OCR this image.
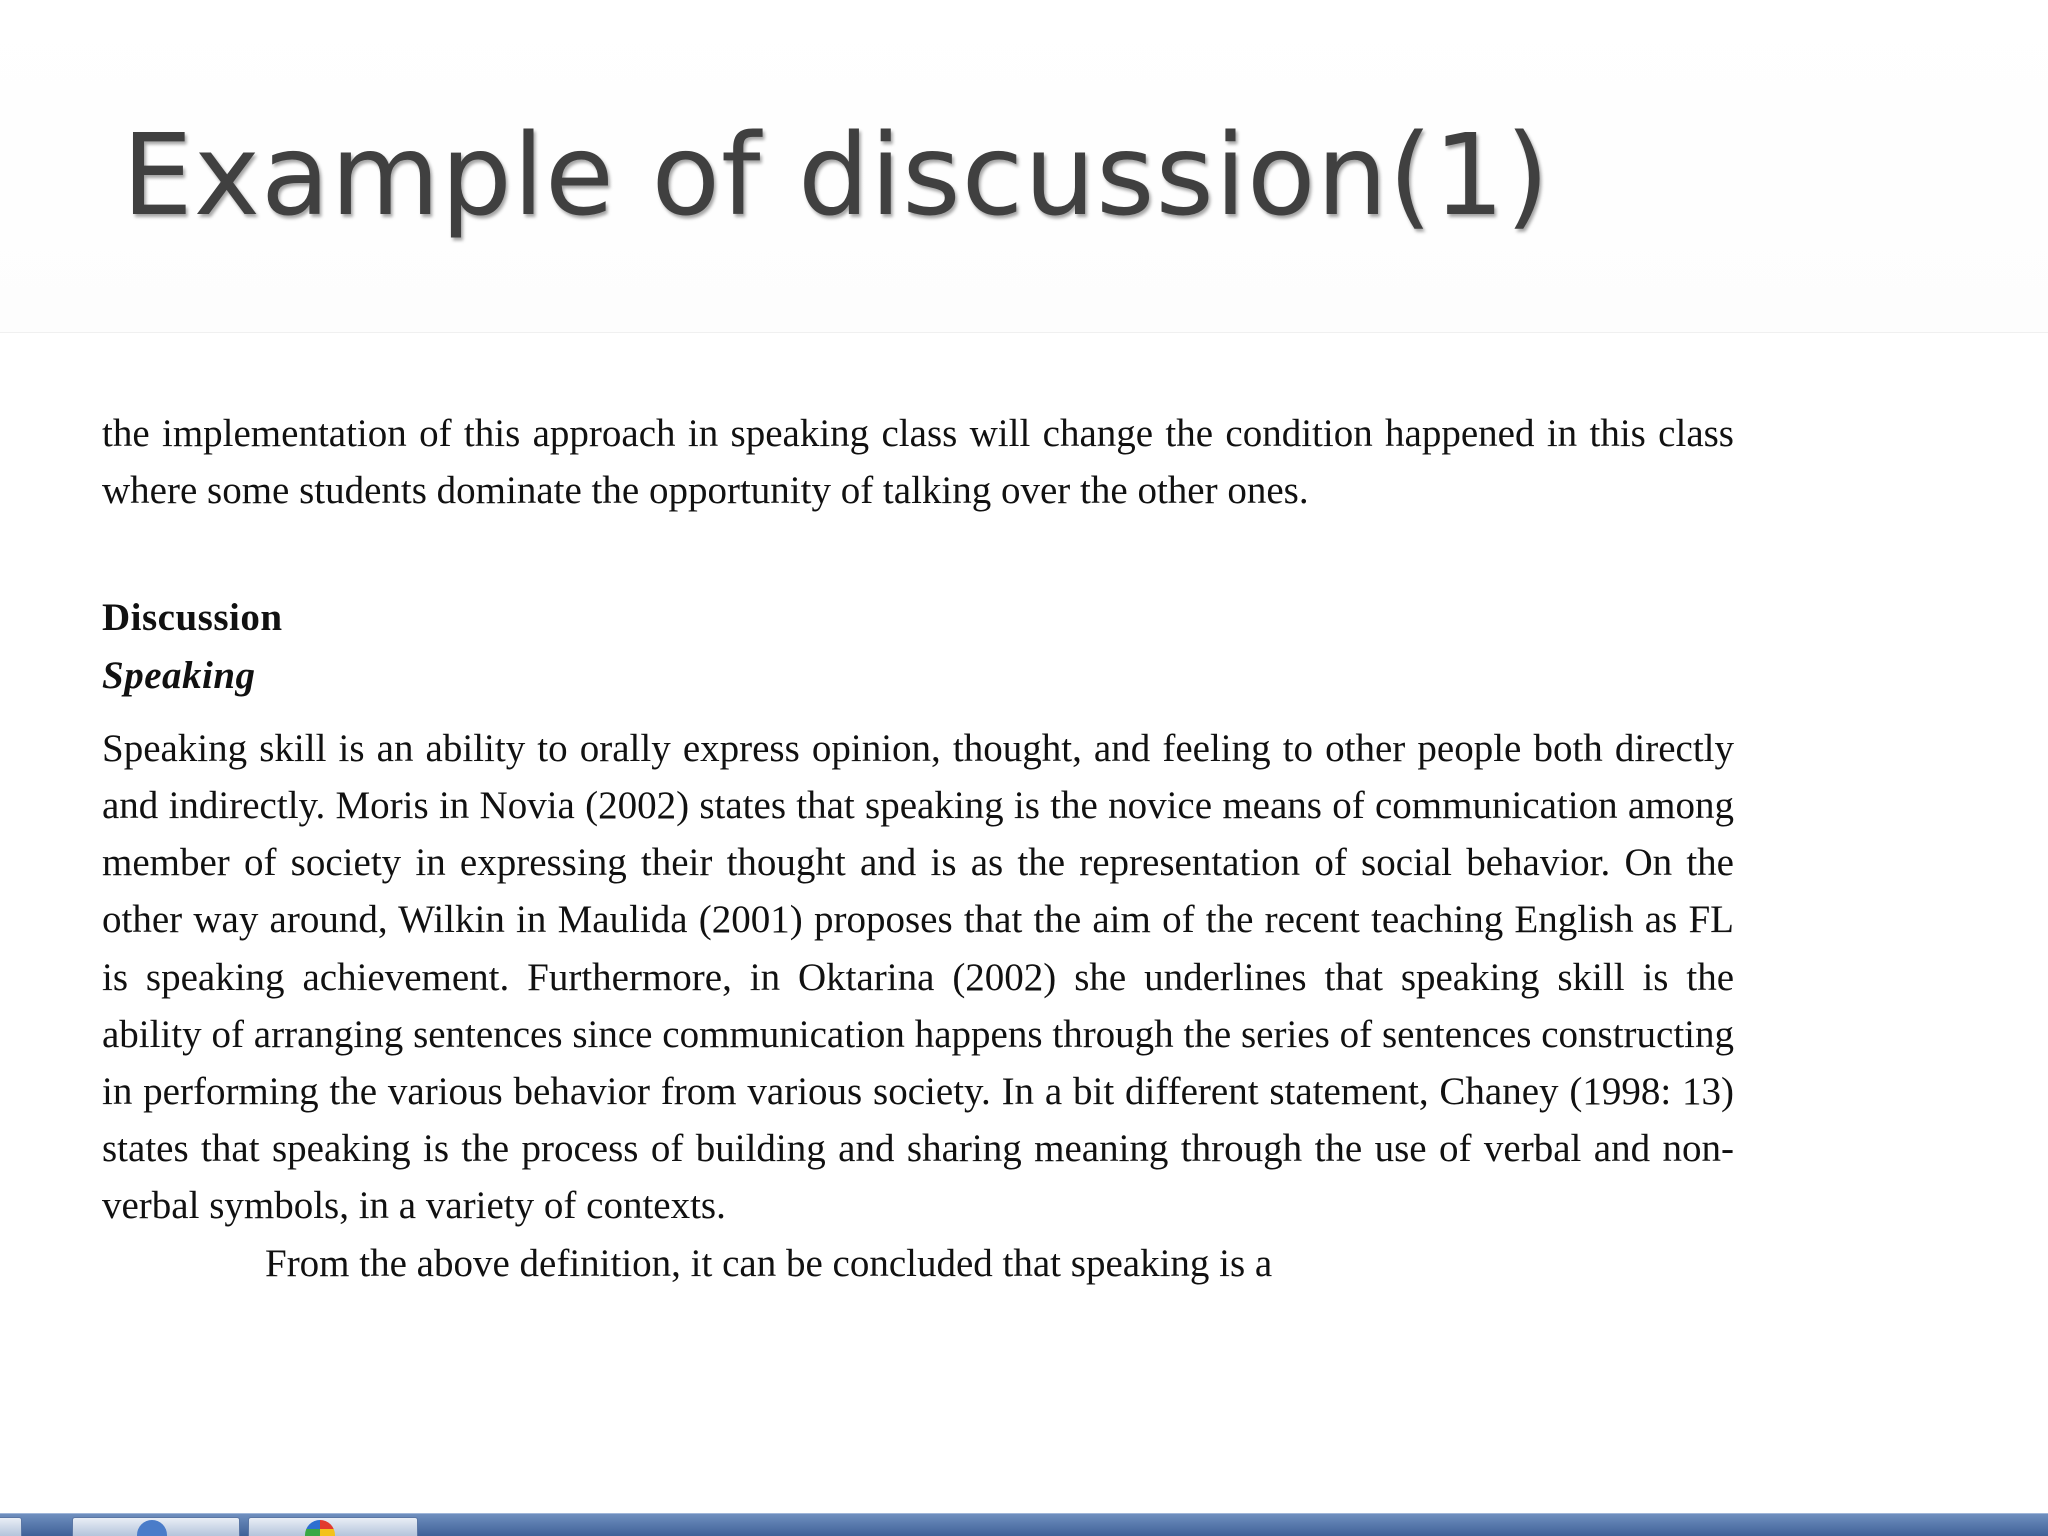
Example of discussion(1)

the implementation of this approach in speaking class will change the condition happened in this class where some students dominate the opportunity of talking over the other ones.

Discussion

Speaking

Speaking skill is an ability to orally express opinion, thought, and feeling to other people both directly and indirectly. Moris in Novia (2002) states that speaking is the novice means of communication among member of society in expressing their thought and is as the representation of social behavior. On the other way around, Wilkin in Maulida (2001) proposes that the aim of the recent teaching English as FL is speaking achievement. Furthermore, in Oktarina (2002) she underlines that speaking skill is the ability of arranging sentences since communication happens through the series of sentences constructing in performing the various behavior from various society. In a bit different statement, Chaney (1998: 13) states that speaking is the process of building and sharing meaning through the use of verbal and non-verbal symbols, in a variety of contexts.

From the above definition, it can be concluded that speaking is a
